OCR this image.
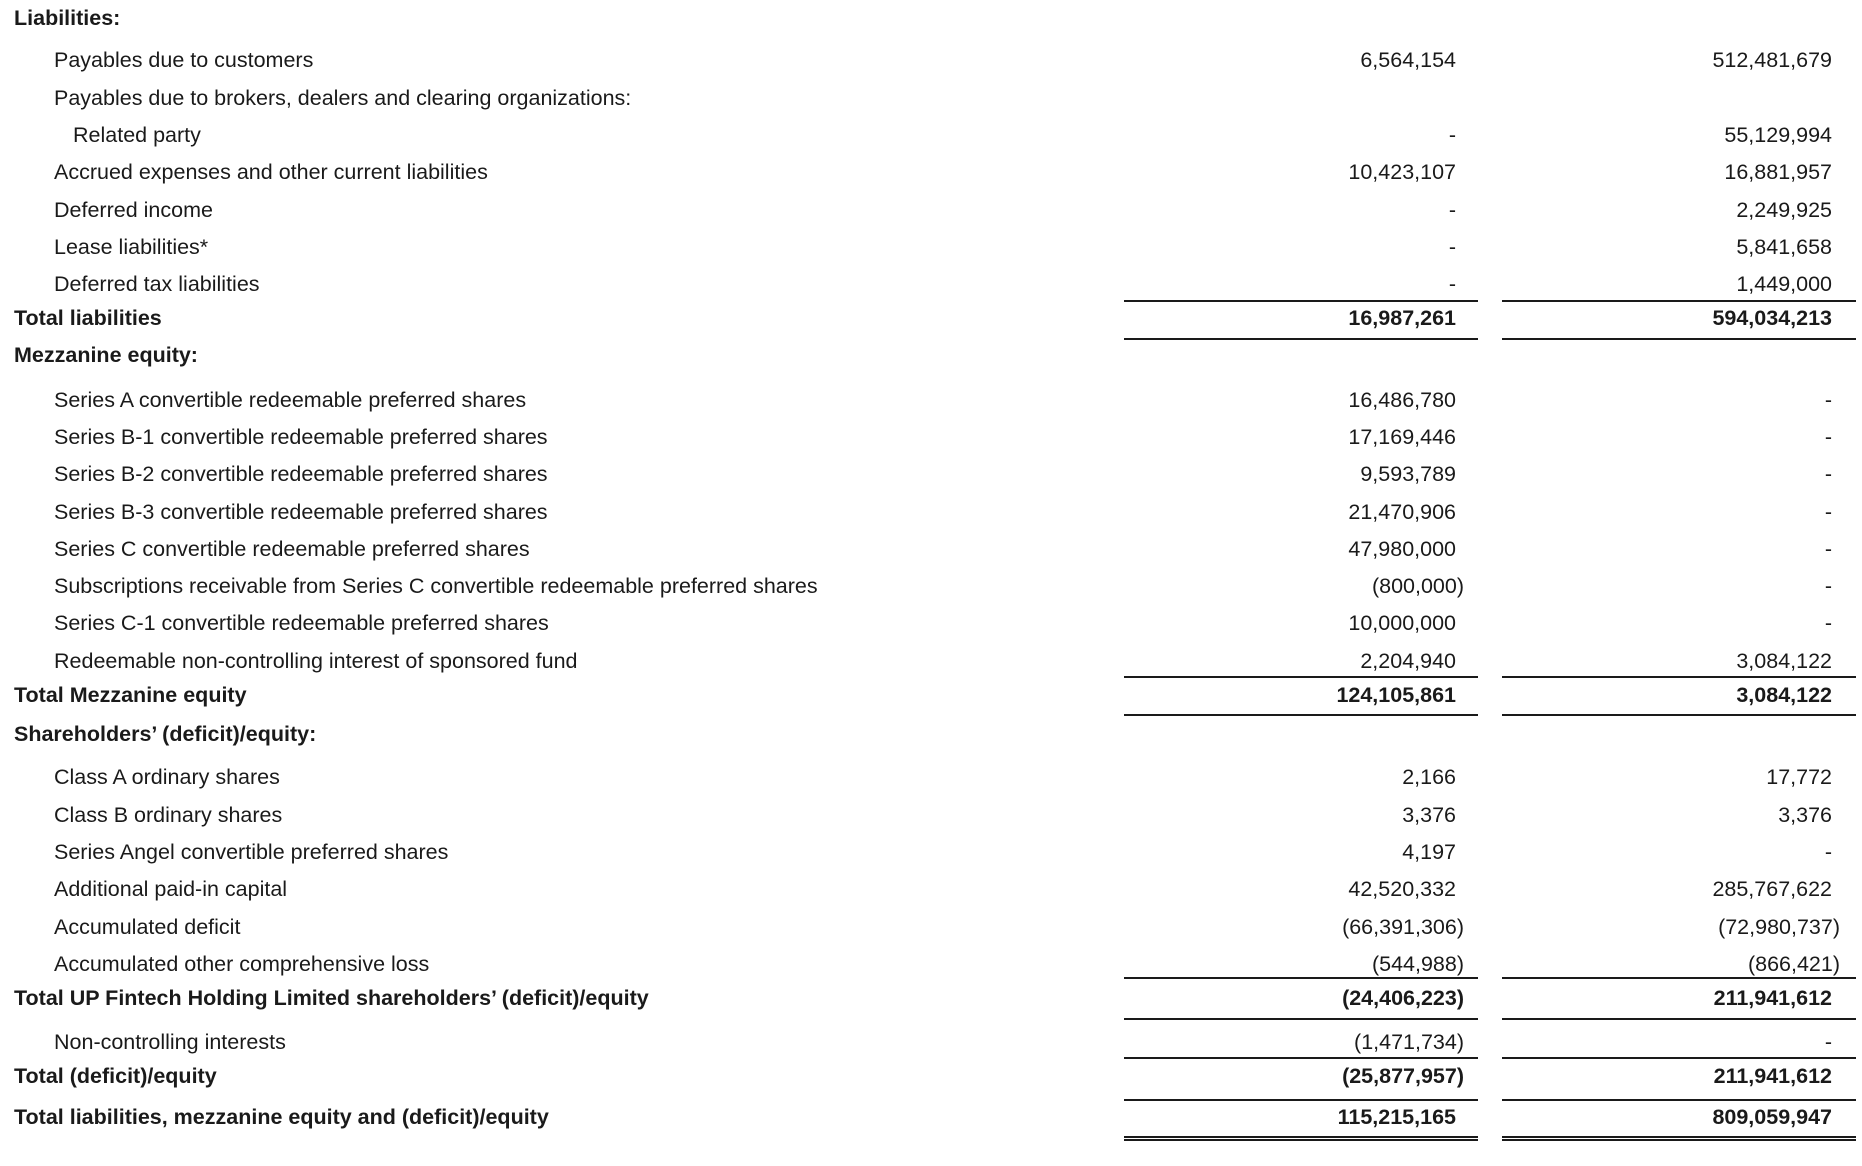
Liabilities:
Payables due to customers	6,564,154	512,481,679
Payables due to brokers, dealers and clearing organizations:
Related party	-	55,129,994
Accrued expenses and other current liabilities	10,423,107	16,881,957
Deferred income	-	2,249,925
Lease liabilities*	-	5,841,658
Deferred tax liabilities	-	1,449,000
Total liabilities	16,987,261	594,034,213
Mezzanine equity:
Series A convertible redeemable preferred shares	16,486,780	-
Series B-1 convertible redeemable preferred shares	17,169,446	-
Series B-2 convertible redeemable preferred shares	9,593,789	-
Series B-3 convertible redeemable preferred shares	21,470,906	-
Series C convertible redeemable preferred shares	47,980,000	-
Subscriptions receivable from Series C convertible redeemable preferred shares	(800,000)	-
Series C-1 convertible redeemable preferred shares	10,000,000	-
Redeemable non-controlling interest of sponsored fund	2,204,940	3,084,122
Total Mezzanine equity	124,105,861	3,084,122
Shareholders’ (deficit)/equity:
Class A ordinary shares	2,166	17,772
Class B ordinary shares	3,376	3,376
Series Angel convertible preferred shares	4,197	-
Additional paid-in capital	42,520,332	285,767,622
Accumulated deficit	(66,391,306)	(72,980,737)
Accumulated other comprehensive loss	(544,988)	(866,421)
Total UP Fintech Holding Limited shareholders’ (deficit)/equity	(24,406,223)	211,941,612
Non-controlling interests	(1,471,734)	-
Total (deficit)/equity	(25,877,957)	211,941,612
Total liabilities, mezzanine equity and (deficit)/equity	115,215,165	809,059,947
